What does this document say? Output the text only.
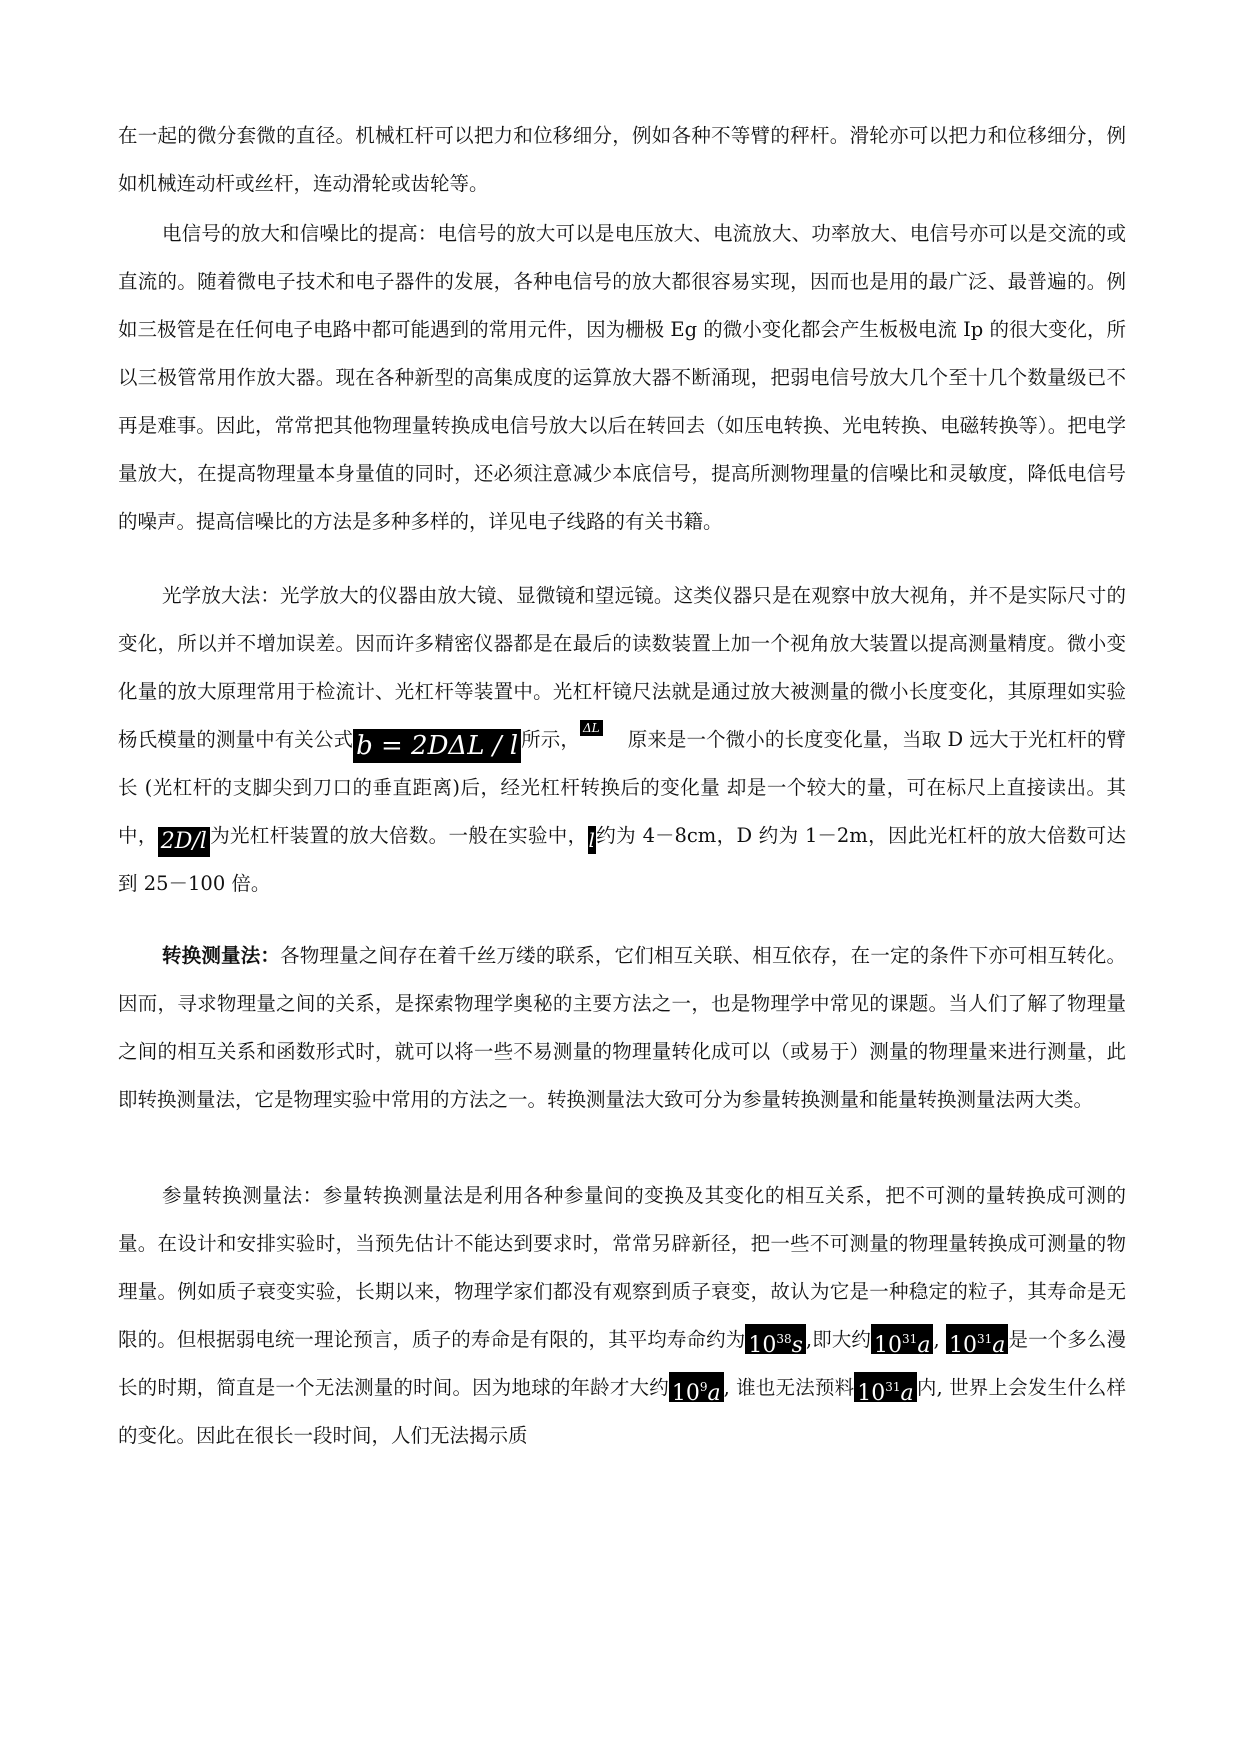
在一起的微分套微的直径。机械杠杆可以把力和位移细分，例如各种不等臂的秤杆。滑轮亦可以把力和位移细分，例如机械连动杆或丝杆，连动滑轮或齿轮等。

电信号的放大和信噪比的提高：电信号的放大可以是电压放大、电流放大、功率放大、电信号亦可以是交流的或直流的。随着微电子技术和电子器件的发展，各种电信号的放大都很容易实现，因而也是用的最广泛、最普遍的。例如三极管是在任何电子电路中都可能遇到的常用元件，因为栅极 Eg 的微小变化都会产生板极电流 Ip 的很大变化，所以三极管常用作放大器。现在各种新型的高集成度的运算放大器不断涌现，把弱电信号放大几个至十几个数量级已不再是难事。因此，常常把其他物理量转换成电信号放大以后在转回去（如压电转换、光电转换、电磁转换等）。把电学量放大，在提高物理量本身量值的同时，还必须注意减少本底信号，提高所测物理量的信噪比和灵敏度，降低电信号的噪声。提高信噪比的方法是多种多样的，详见电子线路的有关书籍。

光学放大法：光学放大的仪器由放大镜、显微镜和望远镜。这类仪器只是在观察中放大视角，并不是实际尺寸的变化，所以并不增加误差。因而许多精密仪器都是在最后的读数装置上加一个视角放大装置以提高测量精度。微小变化量的放大原理常用于检流计、光杠杆等装置中。光杠杆镜尺法就是通过放大被测量的微小长度变化，其原理如实验杨氏模量的测量中有关公式 b = 2DΔL / l 所示， ΔL 原来是一个微小的长度变化量，当取 D 远大于光杠杆的臂长 (光杠杆的支脚尖到刀口的垂直距离)后，经光杠杆转换后的变化量 却是一个较大的量，可在标尺上直接读出。其中， 2D/l 为光杠杆装置的放大倍数。一般在实验中，l约为 4－8cm，D 约为 1－2m，因此光杠杆的放大倍数可达到 25－100 倍。

转换测量法：各物理量之间存在着千丝万缕的联系，它们相互关联、相互依存，在一定的条件下亦可相互转化。因而，寻求物理量之间的关系，是探索物理学奥秘的主要方法之一，也是物理学中常见的课题。当人们了解了物理量之间的相互关系和函数形式时，就可以将一些不易测量的物理量转化成可以（或易于）测量的物理量来进行测量，此即转换测量法，它是物理实验中常用的方法之一。转换测量法大致可分为参量转换测量和能量转换测量法两大类。

参量转换测量法：参量转换测量法是利用各种参量间的变换及其变化的相互关系，把不可测的量转换成可测的量。在设计和安排实验时，当预先估计不能达到要求时，常常另辟新径，把一些不可测量的物理量转换成可测量的物理量。例如质子衰变实验，长期以来，物理学家们都没有观察到质子衰变，故认为它是一种稳定的粒子，其寿命是无限的。但根据弱电统一理论预言，质子的寿命是有限的，其平均寿命约为 $10^{38}s$ ,即大约 $10^{31}a$ , $10^{31}a$ 是一个多么漫长的时期，简直是一个无法测量的时间。因为地球的年龄才大约 $10^9a$ , 谁也无法预料 $10^{31}a$ 内, 世界上会发生什么样的变化。因此在很长一段时间，人们无法揭示质
